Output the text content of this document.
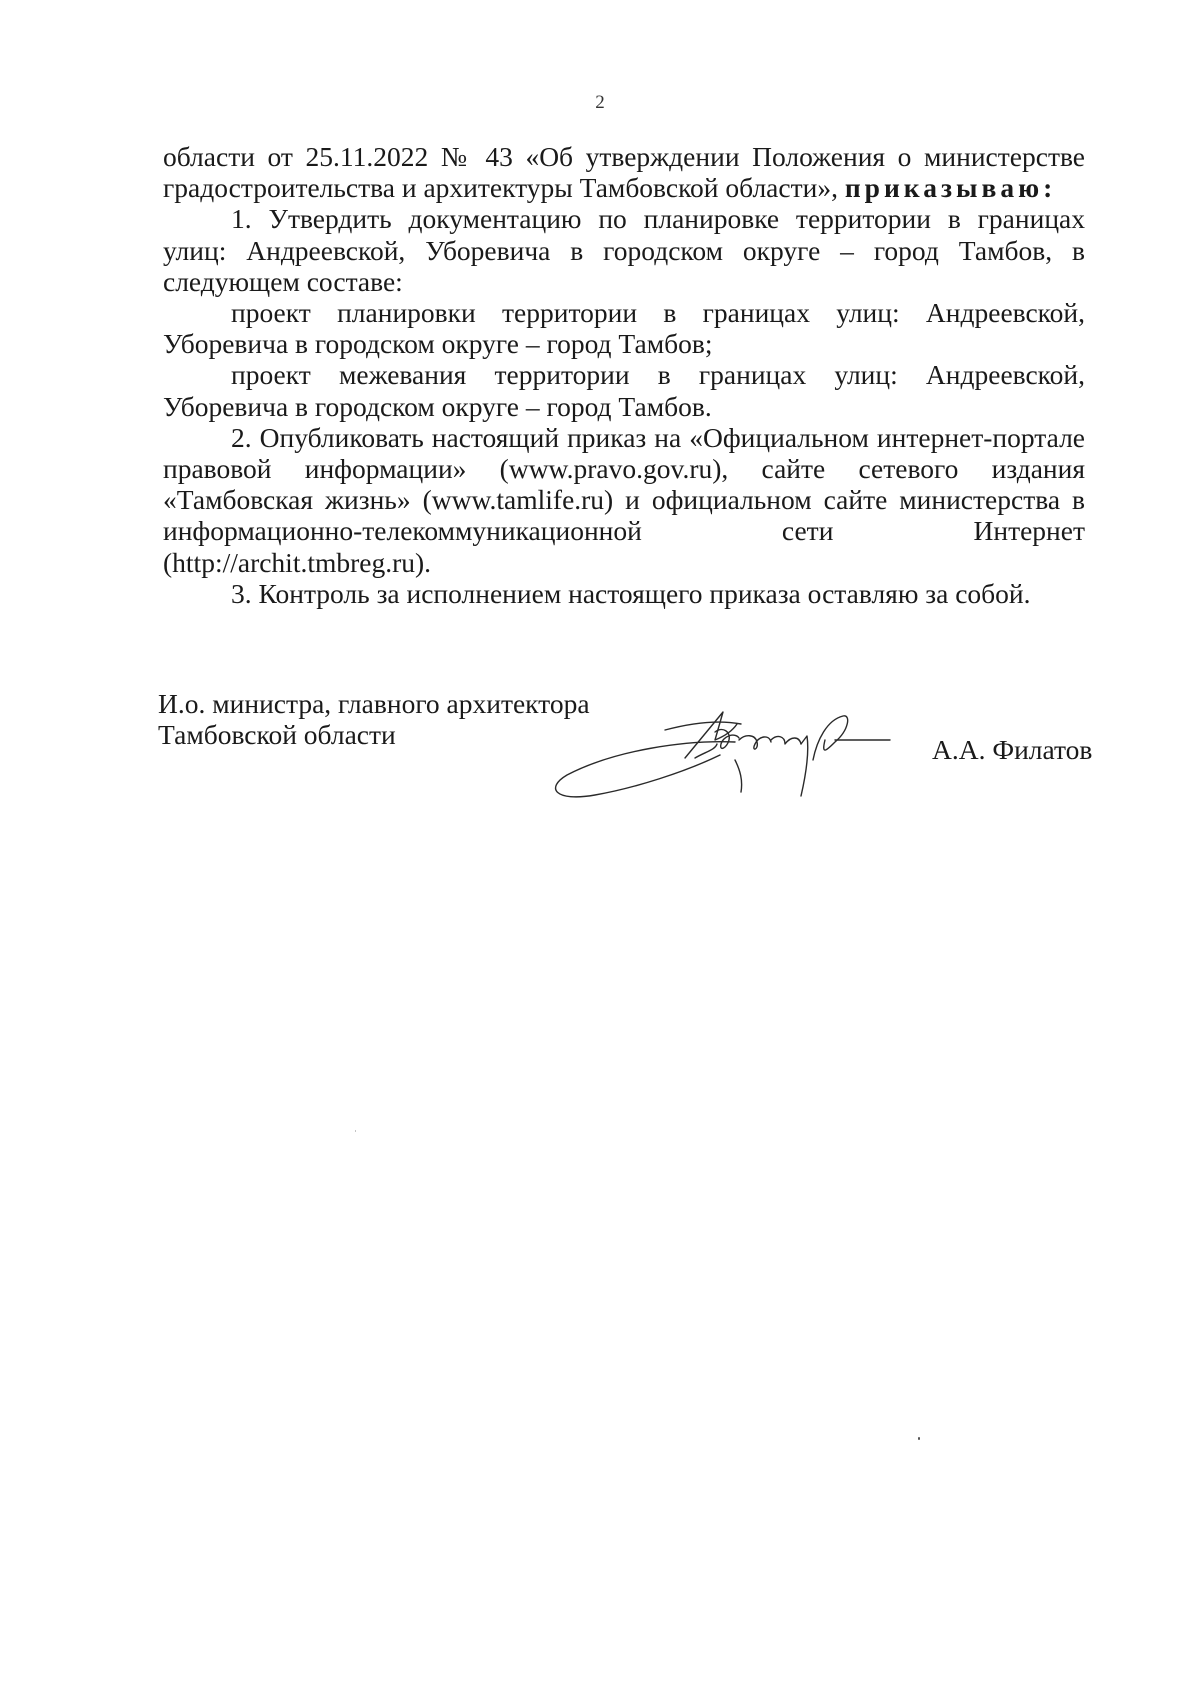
2

области от 25.11.2022 № 43 «Об утверждении Положения о министерстве

градостроительства и архитектуры Тамбовской области», приказываю:

1. Утвердить документацию по планировке территории в границах улиц: Андреевской, Уборевича в городском округе – город Тамбов, в следующем составе:

проект планировки территории в границах улиц: Андреевской, Уборевича в городском округе – город Тамбов;

проект межевания территории в границах улиц: Андреевской, Уборевича в городском округе – город Тамбов.

2. Опубликовать настоящий приказ на «Официальном интернет-портале правовой информации» (www.pravo.gov.ru), сайте сетевого издания «Тамбовская жизнь» (www.tamlife.ru) и официальном сайте министерства в информационно-телекоммуникационной сети Интернет (http://archit.tmbreg.ru).

3. Контроль за исполнением настоящего приказа оставляю за собой.

И.о. министра, главного архитектора
Тамбовской области	А.А. Филатов
